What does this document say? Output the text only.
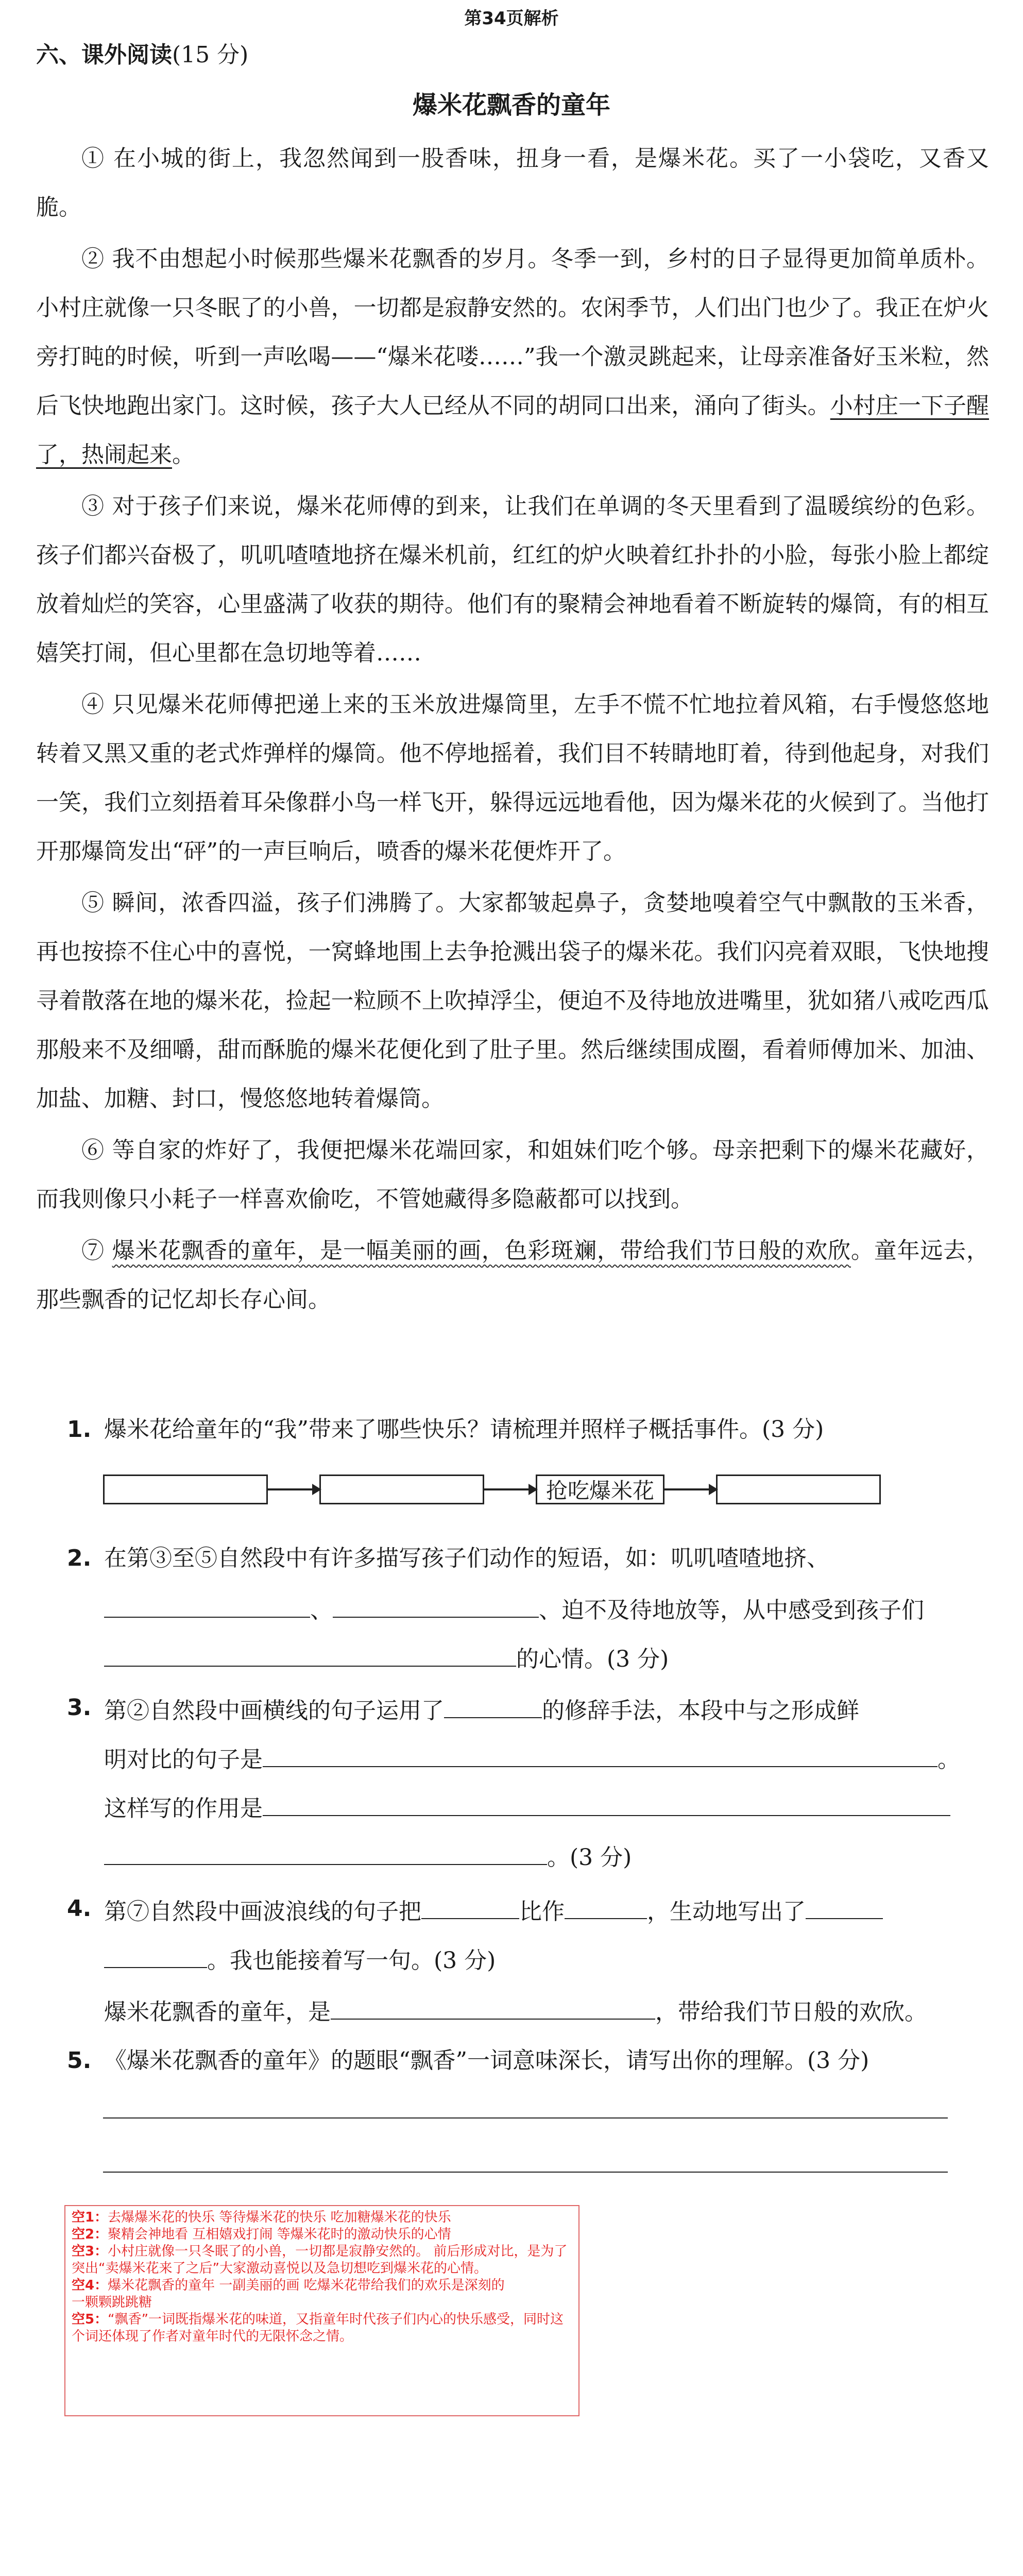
第34页解析
六、课外阅读(15 分)
爆米花飘香的童年

① 在小城的街上，我忽然闻到一股香味，扭身一看，是爆米花。买了一小袋吃，又香又脆。

② 我不由想起小时候那些爆米花飘香的岁月。冬季一到，乡村的日子显得更加简单质朴。小村庄就像一只冬眠了的小兽，一切都是寂静安然的。农闲季节，人们出门也少了。我正在炉火旁打盹的时候，听到一声吆喝——“爆米花喽……”我一个激灵跳起来，让母亲准备好玉米粒，然后飞快地跑出家门。这时候，孩子大人已经从不同的胡同口出来，涌向了街头。小村庄一下子醒了，热闹起来。

③ 对于孩子们来说，爆米花师傅的到来，让我们在单调的冬天里看到了温暖缤纷的色彩。孩子们都兴奋极了，叽叽喳喳地挤在爆米机前，红红的炉火映着红扑扑的小脸，每张小脸上都绽放着灿烂的笑容，心里盛满了收获的期待。他们有的聚精会神地看着不断旋转的爆筒，有的相互嬉笑打闹，但心里都在急切地等着……

④ 只见爆米花师傅把递上来的玉米放进爆筒里，左手不慌不忙地拉着风箱，右手慢悠悠地转着又黑又重的老式炸弹样的爆筒。他不停地摇着，我们目不转睛地盯着，待到他起身，对我们一笑，我们立刻捂着耳朵像群小鸟一样飞开，躲得远远地看他，因为爆米花的火候到了。当他打开那爆筒发出“砰”的一声巨响后，喷香的爆米花便炸开了。

⑤ 瞬间，浓香四溢，孩子们沸腾了。大家都皱起鼻子，贪婪地嗅着空气中飘散的玉米香，再也按捺不住心中的喜悦，一窝蜂地围上去争抢溅出袋子的爆米花。我们闪亮着双眼，飞快地搜寻着散落在地的爆米花，捡起一粒顾不上吹掉浮尘，便迫不及待地放进嘴里，犹如猪八戒吃西瓜那般来不及细嚼，甜而酥脆的爆米花便化到了肚子里。然后继续围成圈，看着师傅加米、加油、加盐、加糖、封口，慢悠悠地转着爆筒。

⑥ 等自家的炸好了，我便把爆米花端回家，和姐妹们吃个够。母亲把剩下的爆米花藏好，而我则像只小耗子一样喜欢偷吃，不管她藏得多隐蔽都可以找到。

⑦ 爆米花飘香的童年，是一幅美丽的画，色彩斑斓，带给我们节日般的欢欣。童年远去，那些飘香的记忆却长存心间。

1. 爆米花给童年的“我”带来了哪些快乐？请梳理并照样子概括事件。(3 分)
抢吃爆米花
2. 在第③至⑤自然段中有许多描写孩子们动作的短语，如：叽叽喳喳地挤、
、	、迫不及待地放等，从中感受到孩子们
的心情。(3 分)
3. 第②自然段中画横线的句子运用了	的修辞手法，本段中与之形成鲜
明对比的句子是	。
这样写的作用是
。(3 分)
4. 第⑦自然段中画波浪线的句子把	比作	，生动地写出了
。我也能接着写一句。(3 分)
爆米花飘香的童年，是	，带给我们节日般的欢欣。
5. 《爆米花飘香的童年》的题眼“飘香”一词意味深长，请写出你的理解。(3 分)
空1：去爆爆米花的快乐 等待爆米花的快乐 吃加糖爆米花的快乐
空2：聚精会神地看 互相嬉戏打闹 等爆米花时的激动快乐的心情
空3：小村庄就像一只冬眠了的小兽，一切都是寂静安然的。 前后形成对比，是为了突出“卖爆米花来了之后”大家激动喜悦以及急切想吃到爆米花的心情。
空4：爆米花飘香的童年 一副美丽的画 吃爆米花带给我们的欢乐是深刻的
一颗颗跳跳糖
空5：“飘香”一词既指爆米花的味道，又指童年时代孩子们内心的快乐感受，同时这个词还体现了作者对童年时代的无限怀念之情。
